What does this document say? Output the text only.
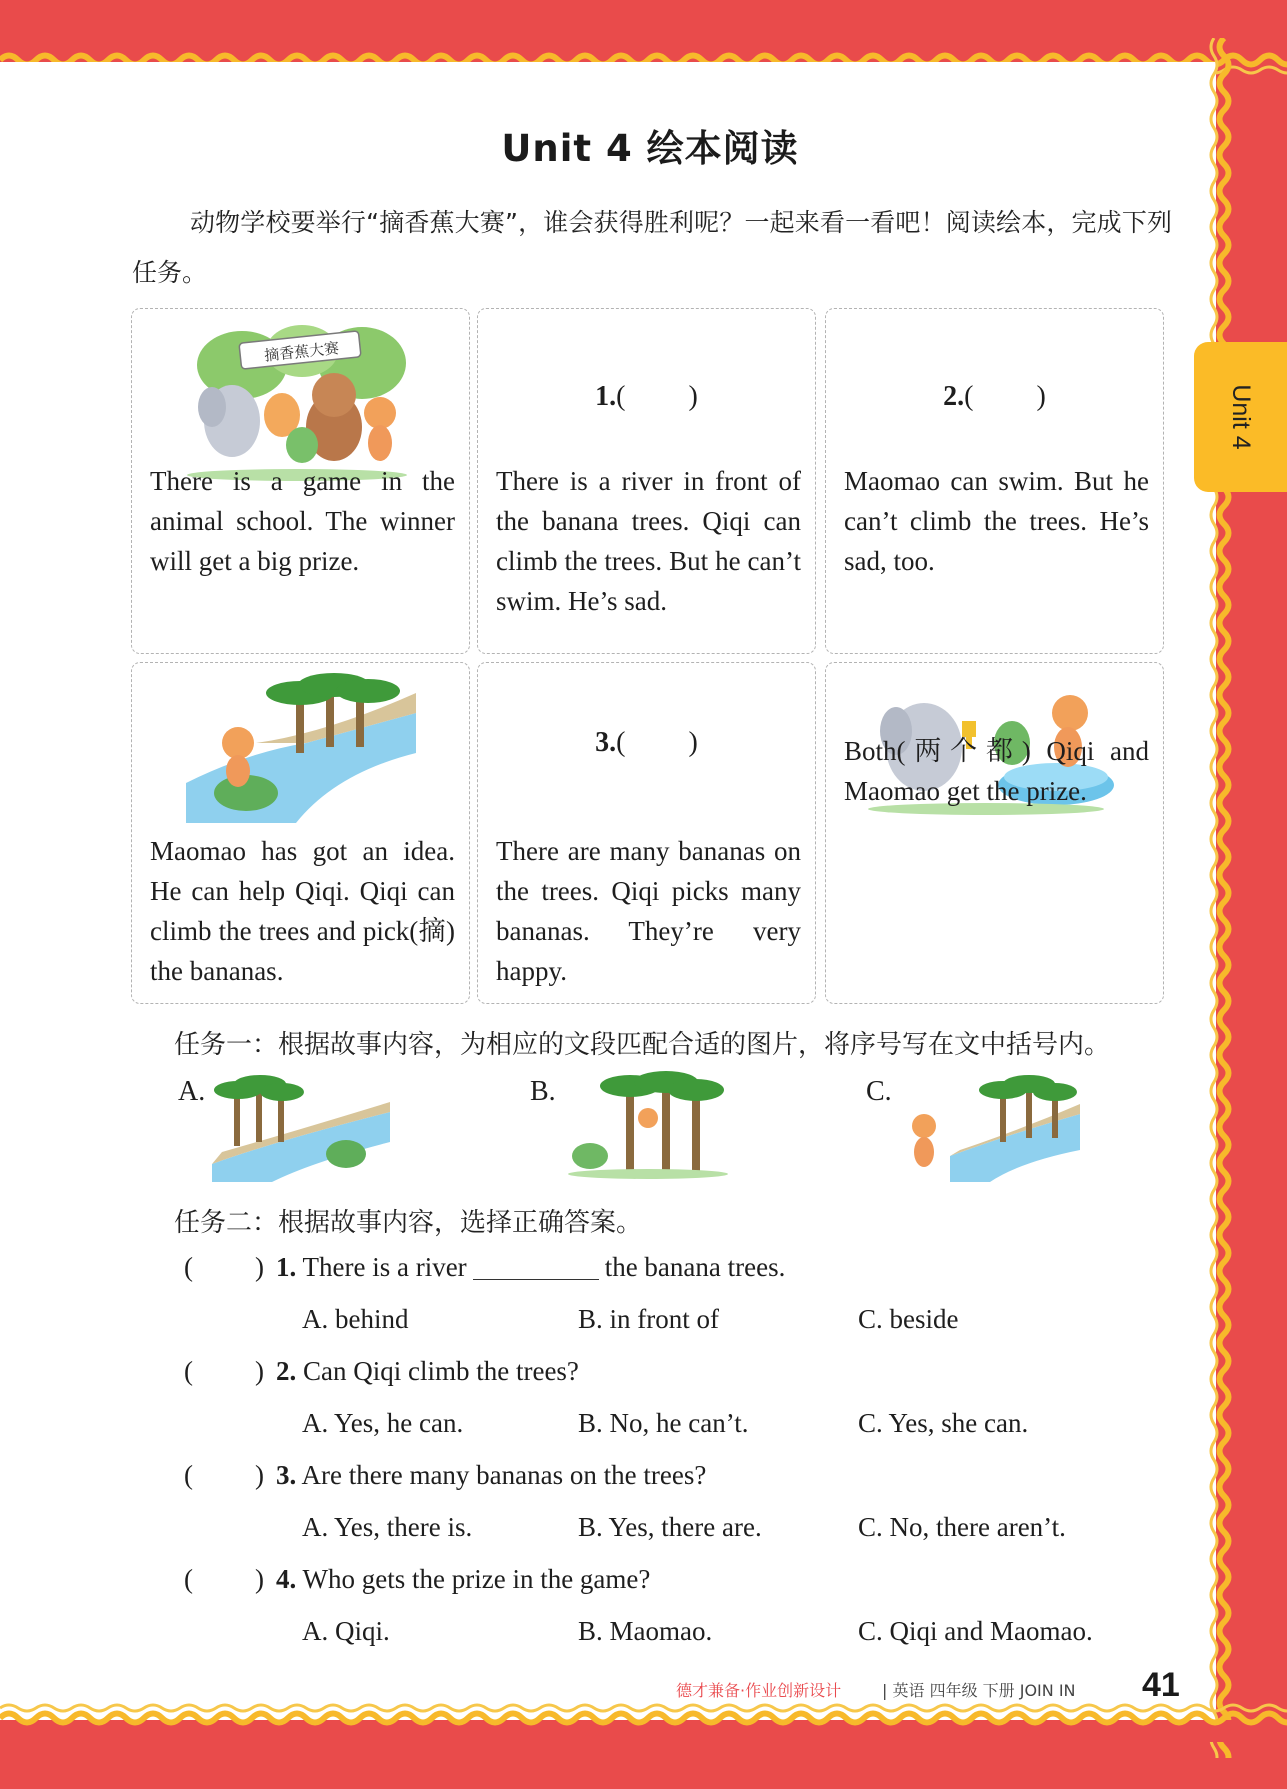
Unit 4
Unit 4 绘本阅读
动物学校要举行“摘香蕉大赛”，谁会获得胜利呢？一起来看一看吧！阅读绘本，完成下列任务。
摘香蕉大赛
There is a game in the animal school. The winner will get a big prize.
1.(         )
There is a river in front of the banana trees. Qiqi can climb the trees. But he can’t swim. He’s sad.
2.(         )
Maomao can swim. But he can’t climb the trees. He’s sad, too.
Maomao has got an idea. He can help Qiqi. Qiqi can climb the trees and pick(摘) the bananas.
3.(         )
There are many bananas on the trees. Qiqi picks many bananas. They’re very happy.
Both(两个都) Qiqi and Maomao get the prize.
任务一：根据故事内容，为相应的文段匹配合适的图片，将序号写在文中括号内。
A.	B.	C.
任务二：根据故事内容，选择正确答案。
( ) 1. There is a river	the banana trees.
A. behind	B. in front of	C. beside
( ) 2. Can Qiqi climb the trees?
A. Yes, he can.	B. No, he can’t.	C. Yes, she can.
( ) 3. Are there many bananas on the trees?
A. Yes, there is.	B. Yes, there are.	C. No, there aren’t.
( ) 4. Who gets the prize in the game?
A. Qiqi.	B. Maomao.	C. Qiqi and Maomao.
德才兼备·作业创新设计	| 英语 四年级 下册 JOIN IN 41
